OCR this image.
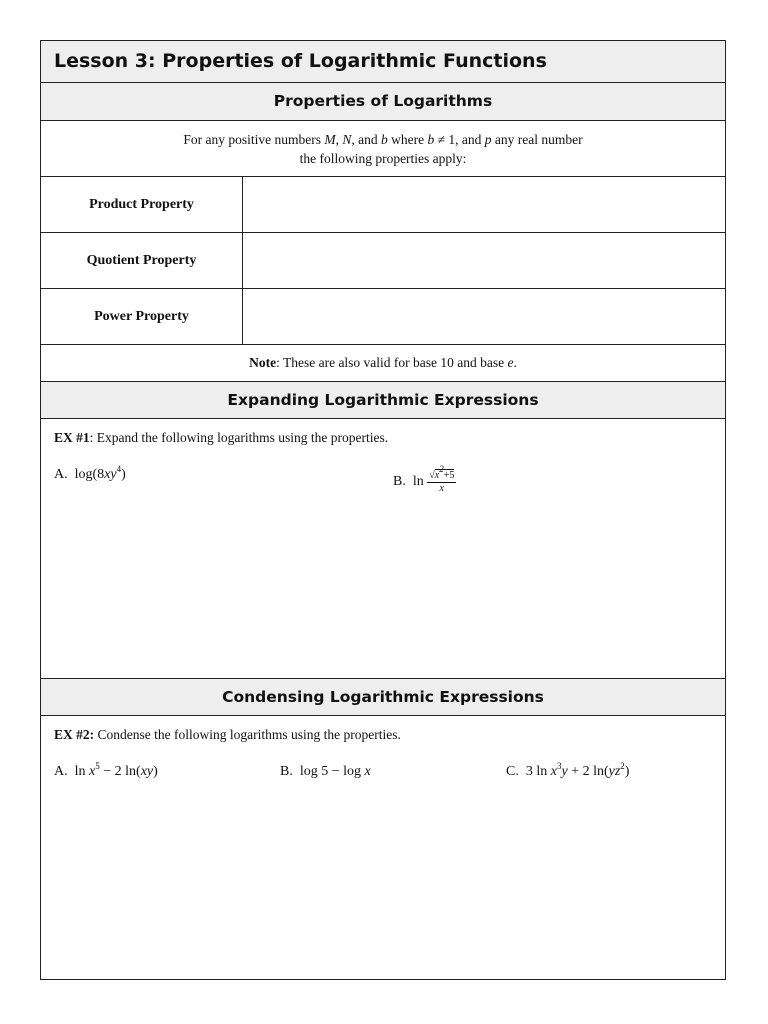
Lesson 3: Properties of Logarithmic Functions
Properties of Logarithms
For any positive numbers M, N, and b where b ≠ 1, and p any real number
the following properties apply:
Product Property
Quotient Property
Power Property
Note: These are also valid for base 10 and base e.
Expanding Logarithmic Expressions
EX #1: Expand the following logarithms using the properties.
A. $\log(8xy^4)$	B. $\ln \frac{√x^2+5}{x}$
Condensing Logarithmic Expressions
EX #2: Condense the following logarithms using the properties.
A. $\ln x^5 - 2$ ln(xy)	B. log 5 − log x	C. 3 $\ln x^3y + 2$ $\ln(yz^2)$
